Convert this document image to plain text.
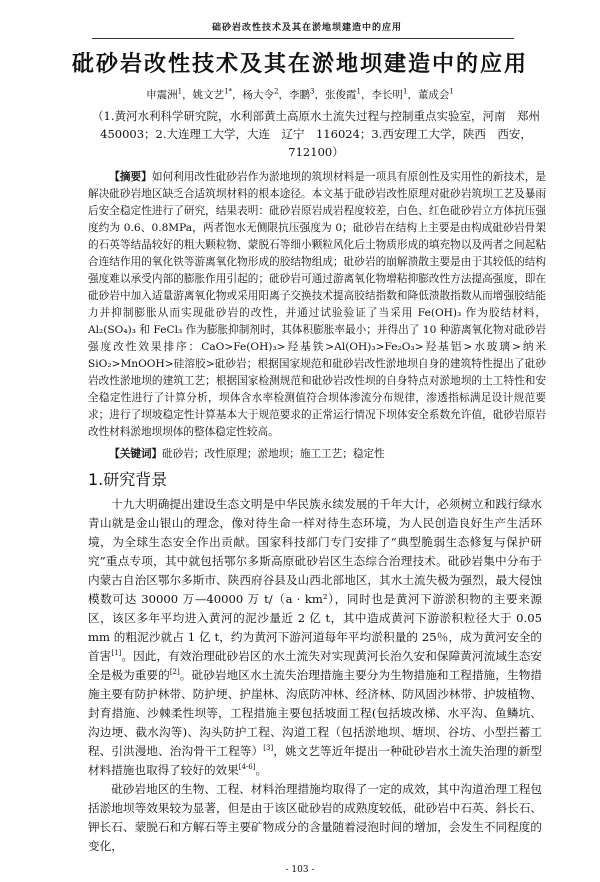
础砂岩改性技术及其在淤地坝建造中的应用
砒砂岩改性技术及其在淤地坝建造中的应用
申震洲$^1$，姚文艺$^{1*}$，杨大令$^2$，李鹏$^3$，张俊霞$^1$，李长明$^1$，董成会$^1$
（1.黄河水利科学研究院，水利部黄土高原水土流失过程与控制重点实验室，河南　郑州 450003；2.大连理工大学，大连　辽宁　116024；3.西安理工大学，陕西　西安，712100）
【摘要】如何利用改性砒砂岩作为淤地坝的筑坝材料是一项具有原创性及实用性的新技术，是解决砒砂岩地区缺乏合适筑坝材料的根本途径。本文基于砒砂岩改性原理对砒砂岩筑坝工艺及暴雨后安全稳定性进行了研究，结果表明：砒砂岩原岩成岩程度较差，白色、红色砒砂岩立方体抗压强度约为 0.6、0.8MPa，两者饱水无侧限抗压强度为 0；砒砂岩在结构上主要是由构成砒砂岩骨架的石英等结晶较好的粗大颗粒物、蒙脱石等细小颗粒风化后土物质形成的填充物以及两者之间起粘合连结作用的氧化铁等游离氧化物形成的胶结物组成；砒砂岩的崩解溃散主要是由于其较低的结构强度难以承受内部的膨胀作用引起的；砒砂岩可通过游离氧化物增粘抑膨改性方法提高强度，即在砒砂岩中加入适量游离氧化物或采用阳离子交换技术提高胶结指数和降低溃散指数从而增强胶结能力并抑制膨胀从而实现砒砂岩的改性，并通过试验验证了当采用 Fe(OH)₃ 作为胶结材料，Al₂(SO₄)₃ 和 FeCl₃ 作为膨胀抑制剂时，其体积膨胀率最小；并得出了 10 种游离氧化物对砒砂岩强度改性效果排序：CaO>Fe(OH)₃>羟基铁>Al(OH)₃>Fe₂O₃>羟基铝>水玻璃>纳米SiO₂>MnOOH>硅溶胶>砒砂岩；根据国家规范和砒砂岩改性淤地坝自身的建筑特性提出了砒砂岩改性淤地坝的建筑工艺；根据国家检测规范和砒砂岩改性坝的自身特点对淤地坝的土工特性和安全稳定性进行了计算分析，坝体含水率检测值符合坝体渗流分布规律，渗透指标满足设计规范要求；进行了坝坡稳定性计算基本大于规范要求的正常运行情况下坝体安全系数允许值，砒砂岩原岩改性材料淤地坝坝体的整体稳定性较高。
【关键词】砒砂岩；改性原理；淤地坝；施工工艺；稳定性
1.研究背景

十九大明确提出建设生态文明是中华民族永续发展的千年大计，必须树立和践行绿水青山就是金山银山的理念，像对待生命一样对待生态环境，为人民创造良好生产生活环境，为全球生态安全作出贡献。国家科技部门专门安排了“典型脆弱生态修复与保护研究”重点专项，其中就包括鄂尔多斯高原砒砂岩区生态综合治理技术。砒砂岩集中分布于内蒙古自治区鄂尔多斯市、陕西府谷县及山西北部地区，其水土流失极为强烈，最大侵蚀模数可达 30000 万—40000 万 t/（a · km²），同时也是黄河下游淤积物的主要来源区，该区多年平均进入黄河的泥沙量近 2 亿 t，其中造成黄河下游淤积粒径大于 0.05 mm 的粗泥沙就占 1 亿 t，约为黄河下游河道每年平均淤积量的 25％，成为黄河安全的首害[1]。因此，有效治理砒砂岩区的水土流失对实现黄河长治久安和保障黄河流域生态安全是极为重要的[2]。砒砂岩地区水土流失治理措施主要分为生物措施和工程措施，生物措施主要有防护林带、防护埂、护崖林、沟底防冲林、经济林、防风固沙林带、护坡植物、封育措施、沙棘柔性坝等，工程措施主要包括坡面工程(包括坡改梯、水平沟、鱼鳞坑、沟边埂、截水沟等)、沟头防护工程、沟道工程（包括淤地坝、塘坝、谷坊、小型拦蓄工程、引洪漫地、治沟骨干工程等）[3]，姚文艺等近年提出一种砒砂岩水土流失治理的新型材料措施也取得了较好的效果[4-6]。

砒砂岩地区的生物、工程、材料治理措施均取得了一定的成效，其中沟道治理工程包括淤地坝等效果较为显著，但是由于该区砒砂岩的成熟度较低，砒砂岩中石英、斜长石、钾长石、蒙脱石和方解石等主要矿物成分的含量随着浸泡时间的增加，会发生不同程度的变化，

- 103 -
